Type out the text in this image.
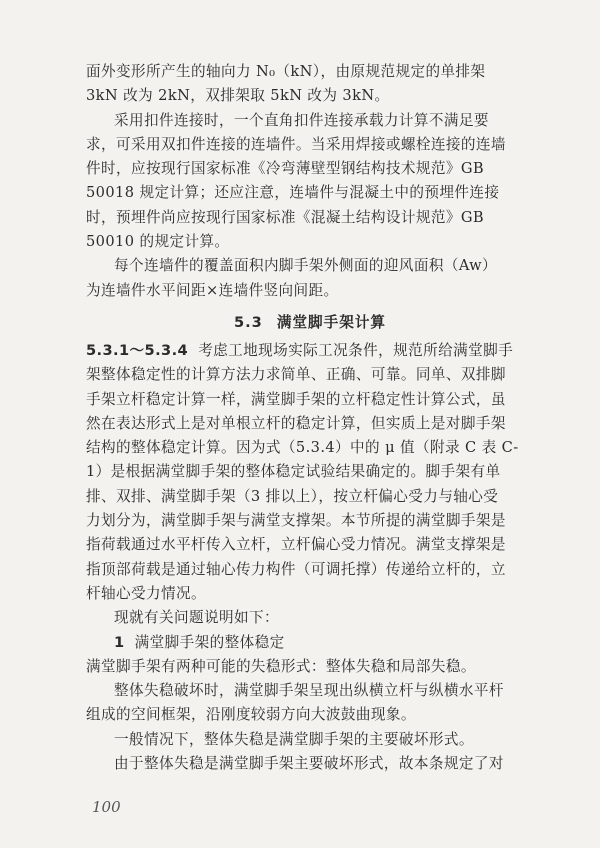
面外变形所产生的轴向力 N₀（kN），由原规范规定的单排架
3kN 改为 2kN，双排架取 5kN 改为 3kN。
采用扣件连接时，一个直角扣件连接承载力计算不满足要
求，可采用双扣件连接的连墙件。当采用焊接或螺栓连接的连墙
件时，应按现行国家标准《冷弯薄壁型钢结构技术规范》GB
50018 规定计算；还应注意，连墙件与混凝土中的预埋件连接
时，预埋件尚应按现行国家标准《混凝土结构设计规范》GB
50010 的规定计算。
每个连墙件的覆盖面积内脚手架外侧面的迎风面积（Aw）
为连墙件水平间距×连墙件竖向间距。
5.3 满堂脚手架计算
5.3.1～5.3.4 考虑工地现场实际工况条件，规范所给满堂脚手
架整体稳定性的计算方法力求简单、正确、可靠。同单、双排脚
手架立杆稳定计算一样，满堂脚手架的立杆稳定性计算公式，虽
然在表达形式上是对单根立杆的稳定计算，但实质上是对脚手架
结构的整体稳定计算。因为式（5.3.4）中的 μ 值（附录 C 表 C-
1）是根据满堂脚手架的整体稳定试验结果确定的。脚手架有单
排、双排、满堂脚手架（3 排以上），按立杆偏心受力与轴心受
力划分为，满堂脚手架与满堂支撑架。本节所提的满堂脚手架是
指荷载通过水平杆传入立杆，立杆偏心受力情况。满堂支撑架是
指顶部荷载是通过轴心传力构件（可调托撑）传递给立杆的，立
杆轴心受力情况。
现就有关问题说明如下：
1 满堂脚手架的整体稳定
满堂脚手架有两种可能的失稳形式：整体失稳和局部失稳。
整体失稳破坏时，满堂脚手架呈现出纵横立杆与纵横水平杆
组成的空间框架，沿刚度较弱方向大波鼓曲现象。
一般情况下，整体失稳是满堂脚手架的主要破坏形式。
由于整体失稳是满堂脚手架主要破坏形式，故本条规定了对
100
